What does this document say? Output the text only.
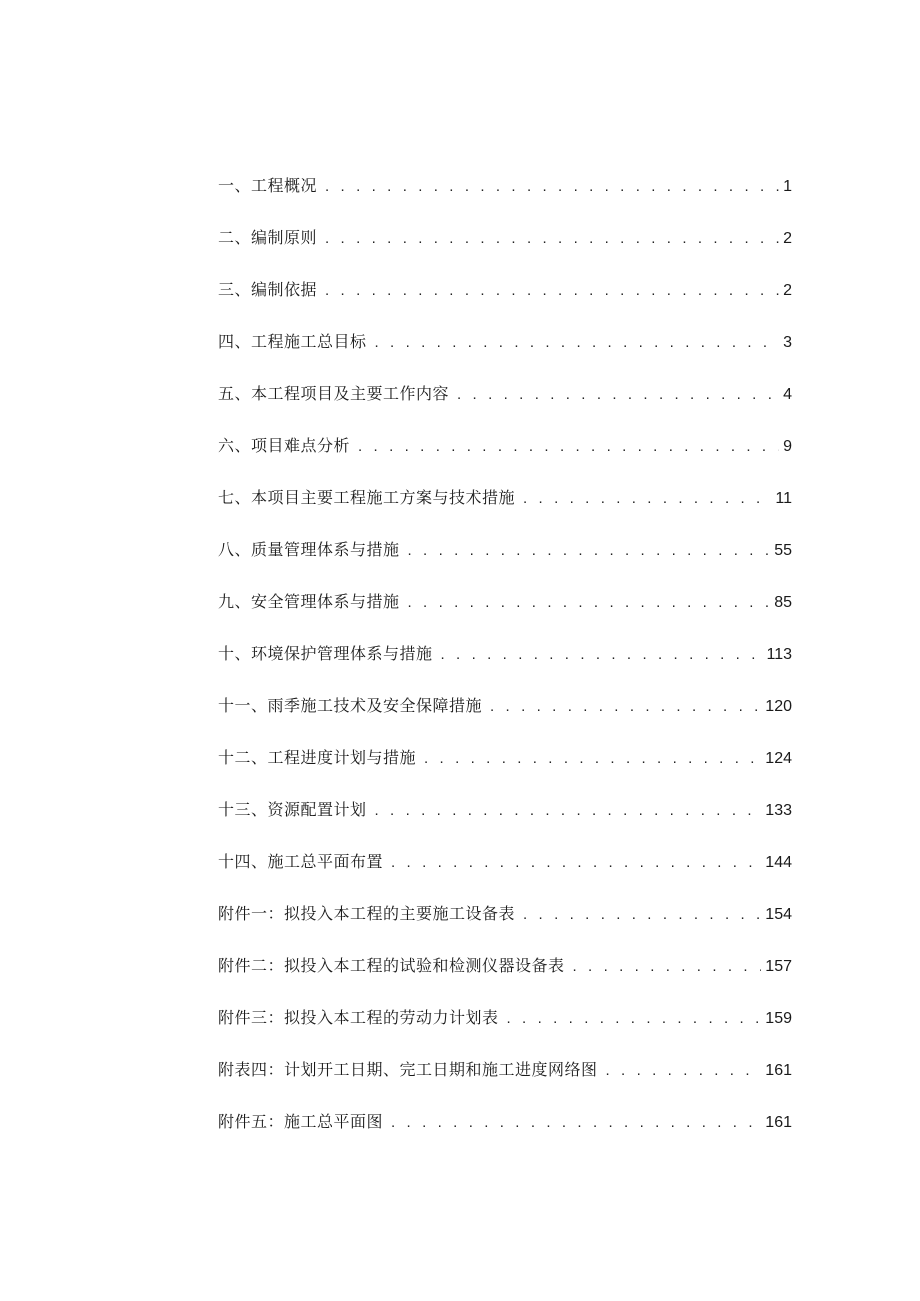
一、工程概况 . . .	1
二、编制原则 . . .	2
三、编制依据 . . .	2
四、工程施工总目标 . . .	3
五、本工程项目及主要工作内容 . . .	4
六、项目难点分析 . . .	9
七、本项目主要工程施工方案与技术措施 . . .	11
八、质量管理体系与措施 . . .	55
九、安全管理体系与措施 . . .	85
十、环境保护管理体系与措施 . . .	113
十一、雨季施工技术及安全保障措施 . . .	120
十二、工程进度计划与措施 . . .	124
十三、资源配置计划 . . .	133
十四、施工总平面布置 . . .	144
附件一：拟投入本工程的主要施工设备表 . . .	154
附件二：拟投入本工程的试验和检测仪器设备表 . . .	157
附件三：拟投入本工程的劳动力计划表 . . .	159
附表四：计划开工日期、完工日期和施工进度网络图 . . .	161
附件五：施工总平面图 . . .	161
